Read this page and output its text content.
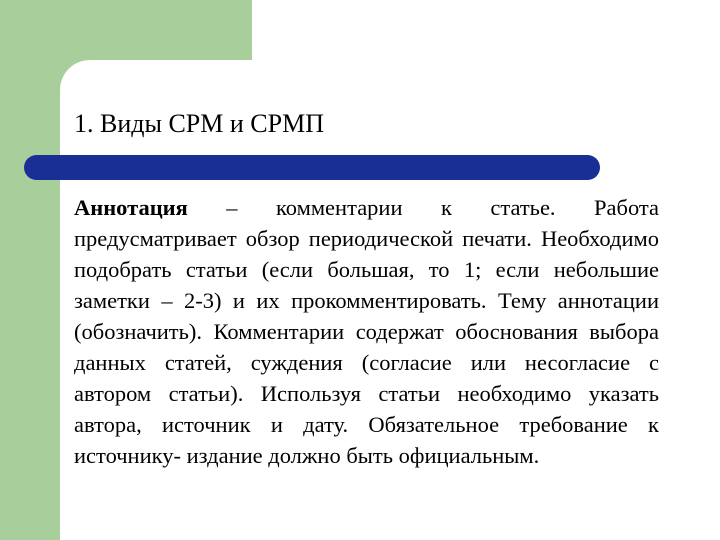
1. Виды СРМ и СРМП

Аннотация – комментарии к статье. Работа предусматривает обзор периодической печати. Необходимо подобрать статьи (если большая, то 1; если небольшие заметки – 2-3) и их прокомментировать. Тему аннотации (обозначить). Комментарии содержат обоснования выбора данных статей, суждения (согласие или несогласие с автором статьи). Используя статьи необходимо указать автора, источник и дату. Обязательное требование к источнику- издание должно быть официальным.
